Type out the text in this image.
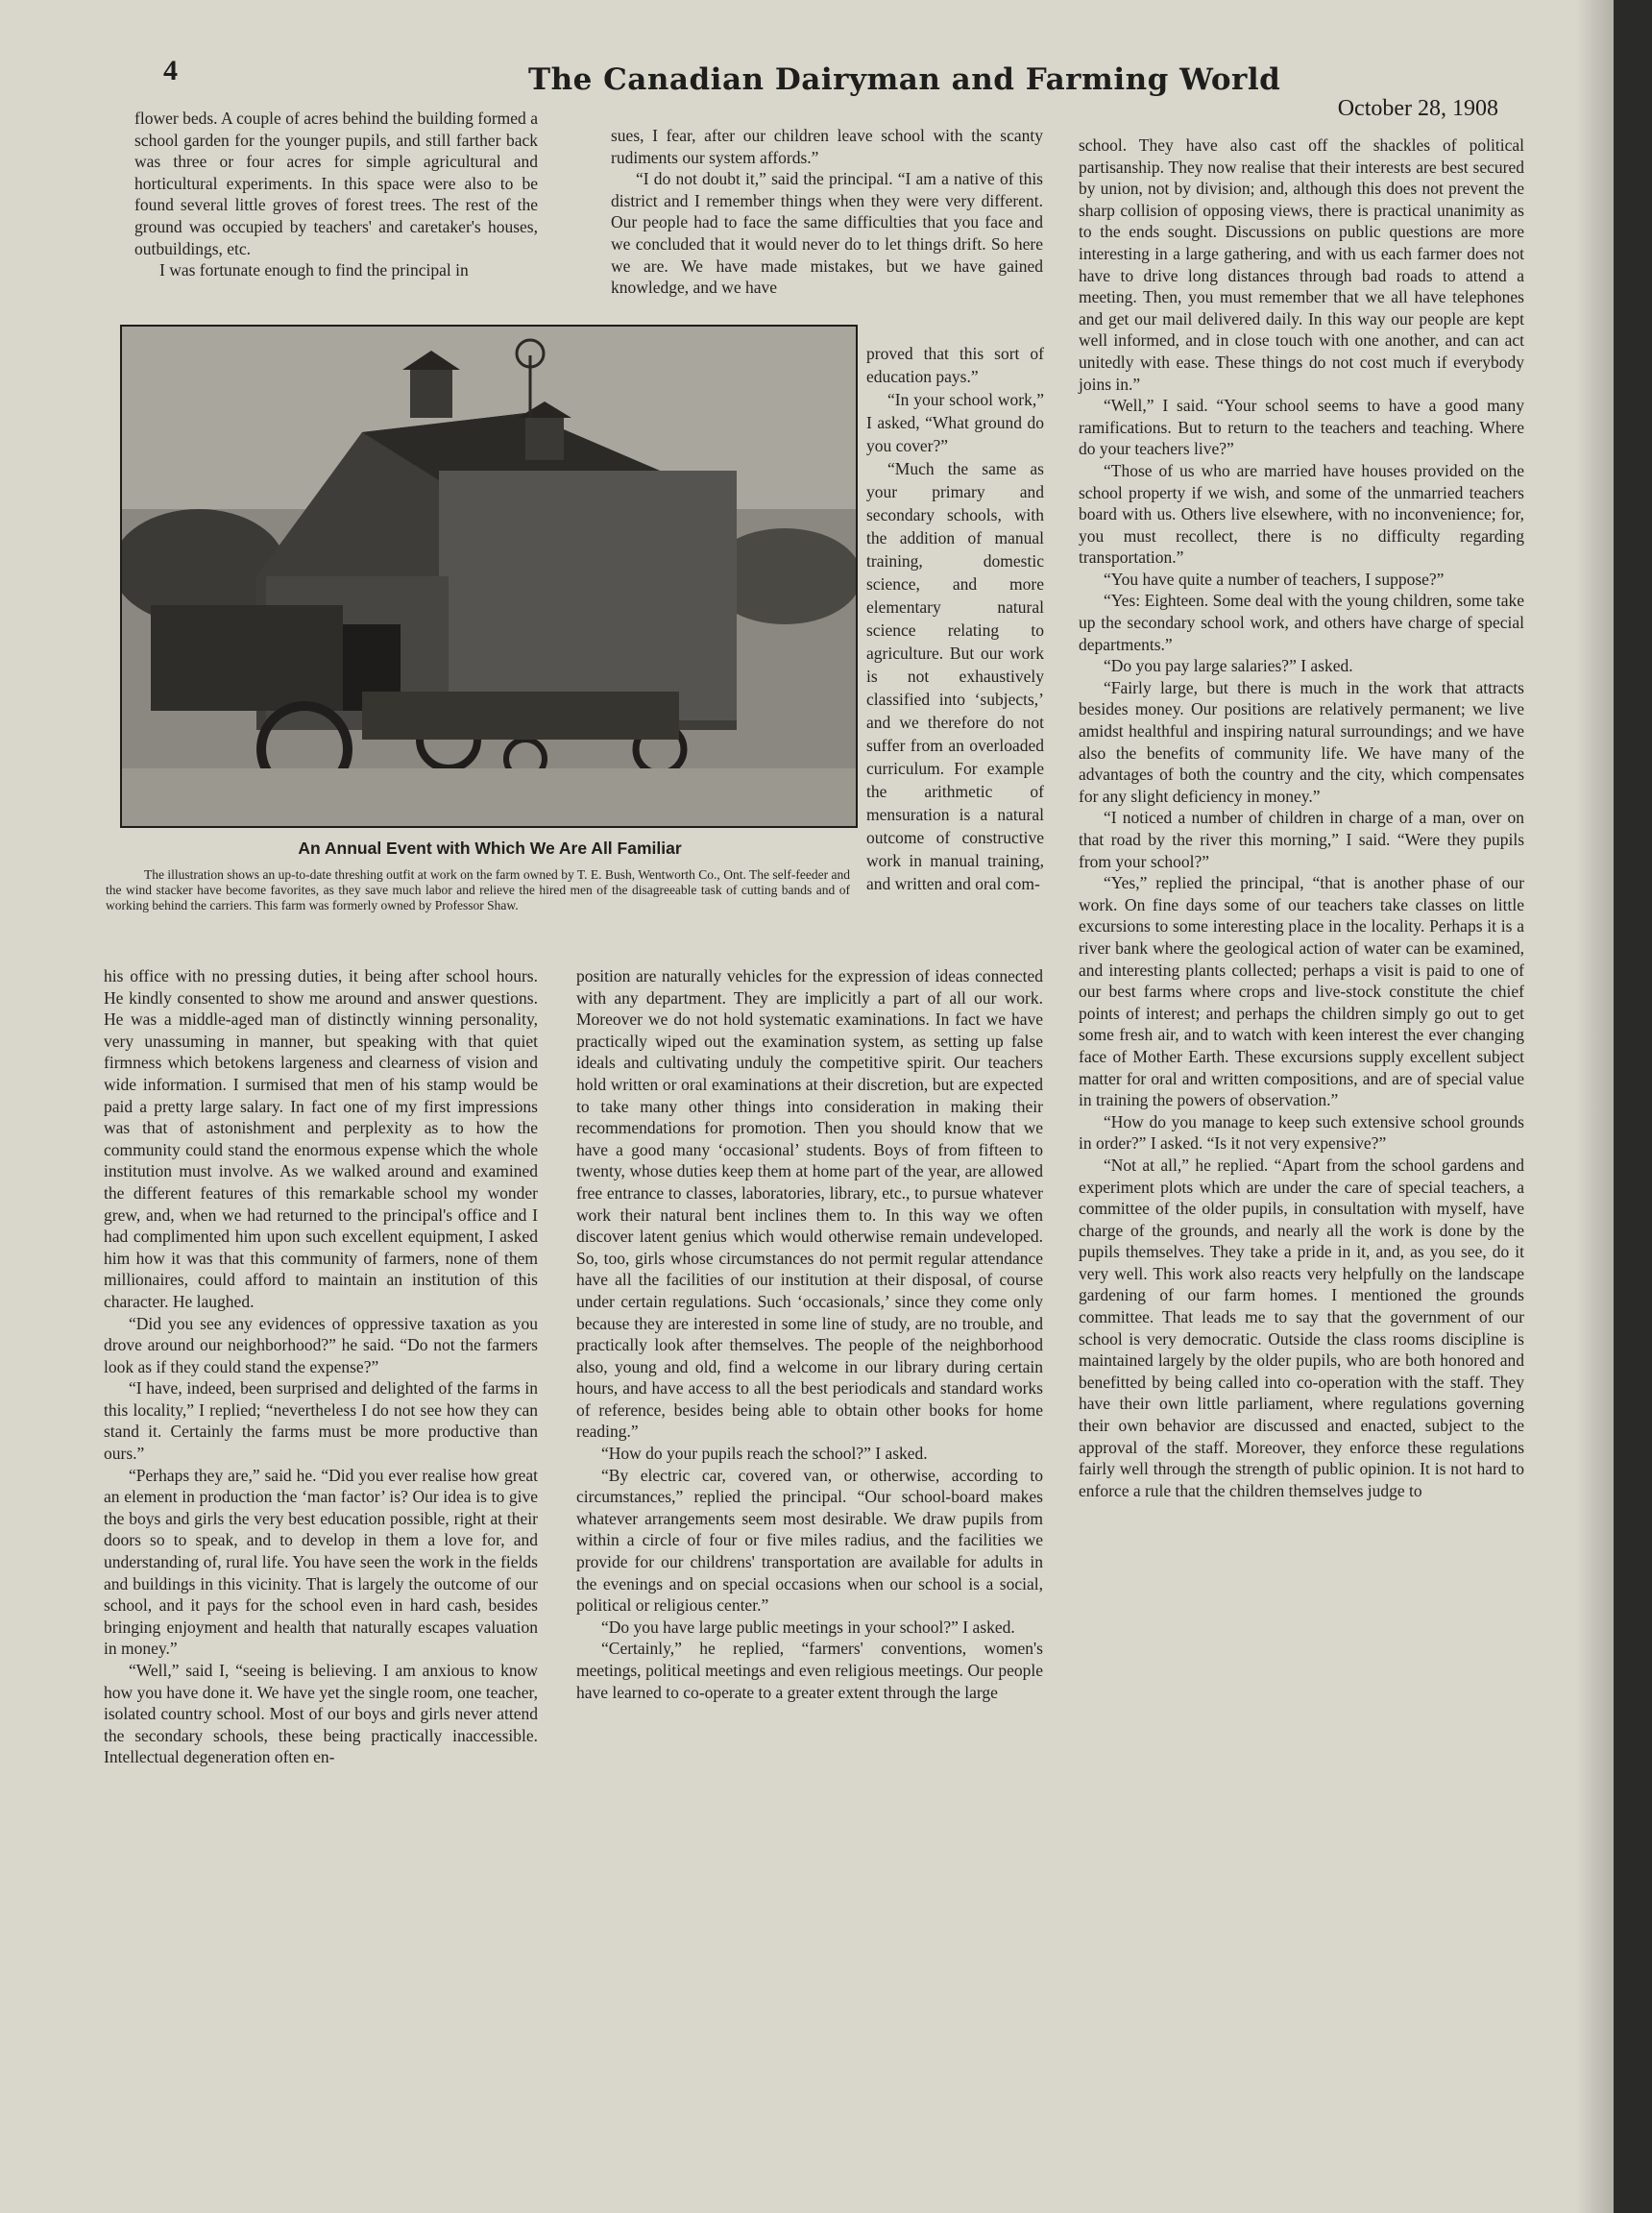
4	The Canadian Dairyman and Farming World
October 28, 1908

flower beds. A couple of acres behind the building formed a school garden for the younger pupils, and still farther back was three or four acres for simple agricultural and horticultural experiments. In this space were also to be found several little groves of forest trees. The rest of the ground was occupied by teachers' and caretaker's houses, outbuildings, etc.

I was fortunate enough to find the principal in

An Annual Event with Which We Are All Familiar

The illustration shows an up-to-date threshing outfit at work on the farm owned by T. E. Bush, Wentworth Co., Ont. The self-feeder and the wind stacker have become favorites, as they save much labor and relieve the hired men of the disagreeable task of cutting bands and of working behind the carriers. This farm was formerly owned by Professor Shaw.

sues, I fear, after our children leave school with the scanty rudiments our system affords.”

“I do not doubt it,” said the principal. “I am a native of this district and I remember things when they were very different. Our people had to face the same difficulties that you face and we concluded that it would never do to let things drift. So here we are. We have made mistakes, but we have gained knowledge, and we have

proved that this sort of education pays.”

“In your school work,” I asked, “What ground do you cover?”

“Much the same as your primary and secondary schools, with the addition of manual training, domestic science, and more elementary natural science relating to agriculture. But our work is not exhaustively classified into ‘subjects,’ and we therefore do not suffer from an overloaded curriculum. For example the arithmetic of mensuration is a natural outcome of constructive work in manual training, and written and oral com-

his office with no pressing duties, it being after school hours. He kindly consented to show me around and answer questions. He was a middle-aged man of distinctly winning personality, very unassuming in manner, but speaking with that quiet firmness which betokens largeness and clearness of vision and wide information. I surmised that men of his stamp would be paid a pretty large salary. In fact one of my first impressions was that of astonishment and perplexity as to how the community could stand the enormous expense which the whole institution must involve. As we walked around and examined the different features of this remarkable school my wonder grew, and, when we had returned to the principal's office and I had complimented him upon such excellent equipment, I asked him how it was that this community of farmers, none of them millionaires, could afford to maintain an institution of this character. He laughed.

“Did you see any evidences of oppressive taxation as you drove around our neighborhood?” he said. “Do not the farmers look as if they could stand the expense?”

“I have, indeed, been surprised and delighted of the farms in this locality,” I replied; “nevertheless I do not see how they can stand it. Certainly the farms must be more productive than ours.”

“Perhaps they are,” said he. “Did you ever realise how great an element in production the ‘man factor’ is? Our idea is to give the boys and girls the very best education possible, right at their doors so to speak, and to develop in them a love for, and understanding of, rural life. You have seen the work in the fields and buildings in this vicinity. That is largely the outcome of our school, and it pays for the school even in hard cash, besides bringing enjoyment and health that naturally escapes valuation in money.”

“Well,” said I, “seeing is believing. I am anxious to know how you have done it. We have yet the single room, one teacher, isolated country school. Most of our boys and girls never attend the secondary schools, these being practically inaccessible. Intellectual degeneration often en-

position are naturally vehicles for the expression of ideas connected with any department. They are implicitly a part of all our work. Moreover we do not hold systematic examinations. In fact we have practically wiped out the examination system, as setting up false ideals and cultivating unduly the competitive spirit. Our teachers hold written or oral examinations at their discretion, but are expected to take many other things into consideration in making their recommendations for promotion. Then you should know that we have a good many ‘occasional’ students. Boys of from fifteen to twenty, whose duties keep them at home part of the year, are allowed free entrance to classes, laboratories, library, etc., to pursue whatever work their natural bent inclines them to. In this way we often discover latent genius which would otherwise remain undeveloped. So, too, girls whose circumstances do not permit regular attendance have all the facilities of our institution at their disposal, of course under certain regulations. Such ‘occasionals,’ since they come only because they are interested in some line of study, are no trouble, and practically look after themselves. The people of the neighborhood also, young and old, find a welcome in our library during certain hours, and have access to all the best periodicals and standard works of reference, besides being able to obtain other books for home reading.”

“How do your pupils reach the school?” I asked.

“By electric car, covered van, or otherwise, according to circumstances,” replied the principal. “Our school-board makes whatever arrangements seem most desirable. We draw pupils from within a circle of four or five miles radius, and the facilities we provide for our childrens' transportation are available for adults in the evenings and on special occasions when our school is a social, political or religious center.”

“Do you have large public meetings in your school?” I asked.

“Certainly,” he replied, “farmers' conventions, women's meetings, political meetings and even religious meetings. Our people have learned to co-operate to a greater extent through the large

school. They have also cast off the shackles of political partisanship. They now realise that their interests are best secured by union, not by division; and, although this does not prevent the sharp collision of opposing views, there is practical unanimity as to the ends sought. Discussions on public questions are more interesting in a large gathering, and with us each farmer does not have to drive long distances through bad roads to attend a meeting. Then, you must remember that we all have telephones and get our mail delivered daily. In this way our people are kept well informed, and in close touch with one another, and can act unitedly with ease. These things do not cost much if everybody joins in.”

“Well,” I said. “Your school seems to have a good many ramifications. But to return to the teachers and teaching. Where do your teachers live?”

“Those of us who are married have houses provided on the school property if we wish, and some of the unmarried teachers board with us. Others live elsewhere, with no inconvenience; for, you must recollect, there is no difficulty regarding transportation.”

“You have quite a number of teachers, I suppose?”

“Yes: Eighteen. Some deal with the young children, some take up the secondary school work, and others have charge of special departments.”

“Do you pay large salaries?” I asked.

“Fairly large, but there is much in the work that attracts besides money. Our positions are relatively permanent; we live amidst healthful and inspiring natural surroundings; and we have also the benefits of community life. We have many of the advantages of both the country and the city, which compensates for any slight deficiency in money.”

“I noticed a number of children in charge of a man, over on that road by the river this morning,” I said. “Were they pupils from your school?”

“Yes,” replied the principal, “that is another phase of our work. On fine days some of our teachers take classes on little excursions to some interesting place in the locality. Perhaps it is a river bank where the geological action of water can be examined, and interesting plants collected; perhaps a visit is paid to one of our best farms where crops and live-stock constitute the chief points of interest; and perhaps the children simply go out to get some fresh air, and to watch with keen interest the ever changing face of Mother Earth. These excursions supply excellent subject matter for oral and written compositions, and are of special value in training the powers of observation.”

“How do you manage to keep such extensive school grounds in order?” I asked. “Is it not very expensive?”

“Not at all,” he replied. “Apart from the school gardens and experiment plots which are under the care of special teachers, a committee of the older pupils, in consultation with myself, have charge of the grounds, and nearly all the work is done by the pupils themselves. They take a pride in it, and, as you see, do it very well. This work also reacts very helpfully on the landscape gardening of our farm homes. I mentioned the grounds committee. That leads me to say that the government of our school is very democratic. Outside the class rooms discipline is maintained largely by the older pupils, who are both honored and benefitted by being called into co-operation with the staff. They have their own little parliament, where regulations governing their own behavior are discussed and enacted, subject to the approval of the staff. Moreover, they enforce these regulations fairly well through the strength of public opinion. It is not hard to enforce a rule that the children themselves judge to
